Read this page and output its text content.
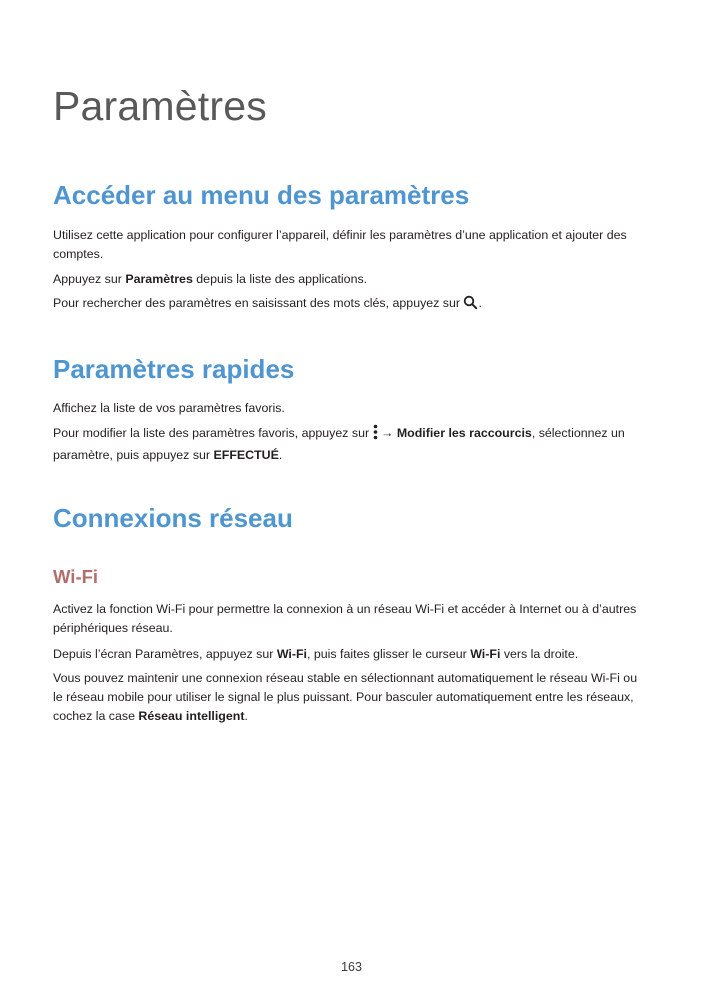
Paramètres
Accéder au menu des paramètres

Utilisez cette application pour configurer l’appareil, définir les paramètres d’une application et ajouter des comptes.

Appuyez sur Paramètres depuis la liste des applications.

Pour rechercher des paramètres en saisissant des mots clés, appuyez sur .

Paramètres rapides

Affichez la liste de vos paramètres favoris.

Pour modifier la liste des paramètres favoris, appuyez sur  → Modifier les raccourcis, sélectionnez un paramètre, puis appuyez sur EFFECTUÉ.

Connexions réseau
Wi-Fi

Activez la fonction Wi-Fi pour permettre la connexion à un réseau Wi-Fi et accéder à Internet ou à d’autres périphériques réseau.

Depuis l’écran Paramètres, appuyez sur Wi-Fi, puis faites glisser le curseur Wi-Fi vers la droite.

Vous pouvez maintenir une connexion réseau stable en sélectionnant automatiquement le réseau Wi-Fi ou le réseau mobile pour utiliser le signal le plus puissant. Pour basculer automatiquement entre les réseaux, cochez la case Réseau intelligent.

163
